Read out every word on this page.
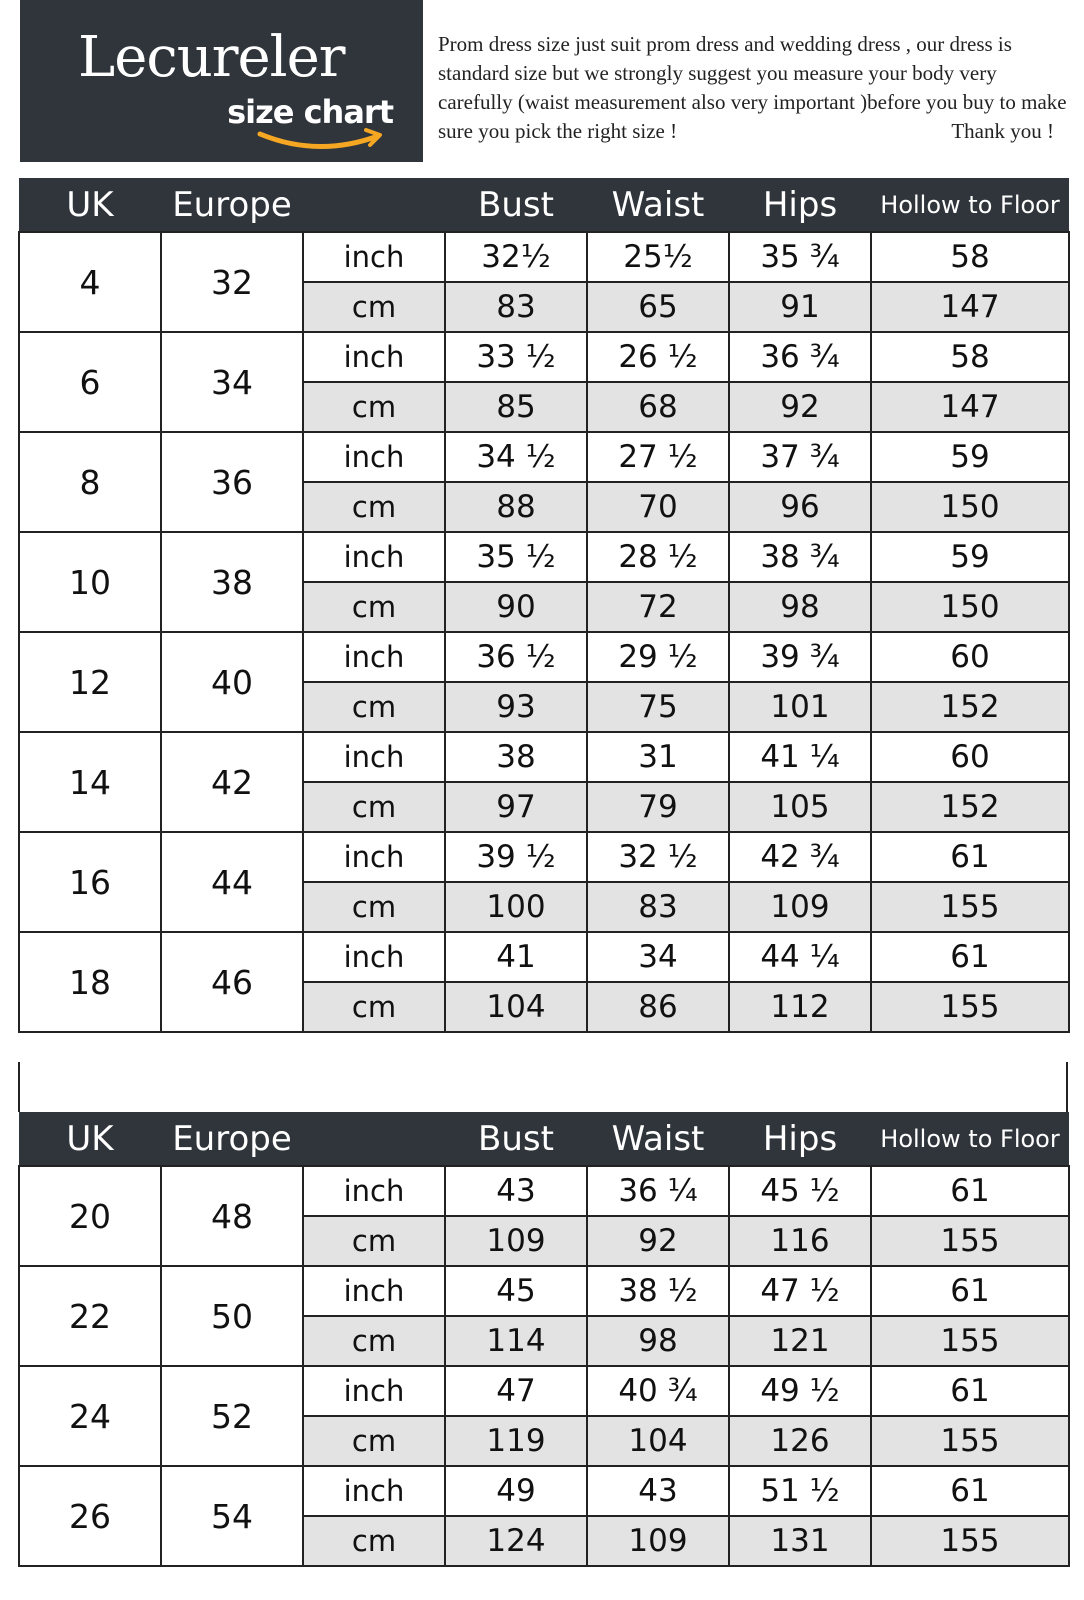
Lecureler
size chart
Prom dress size just suit prom dress and wedding dress , our dress is standard size but we strongly suggest you measure your body very carefully (waist measurement also very important )before you buy to make sure you pick the right size !	Thank you !
UK	Europe		Bust	Waist	Hips	Hollow to Floor
4	32	inch	32½	25½	35 ¾	58
		cm	83	65	91	147
6	34	inch	33 ½	26 ½	36 ¾	58
		cm	85	68	92	147
8	36	inch	34 ½	27 ½	37 ¾	59
		cm	88	70	96	150
10	38	inch	35 ½	28 ½	38 ¾	59
		cm	90	72	98	150
12	40	inch	36 ½	29 ½	39 ¾	60
		cm	93	75	101	152
14	42	inch	38	31	41 ¼	60
		cm	97	79	105	152
16	44	inch	39 ½	32 ½	42 ¾	61
		cm	100	83	109	155
18	46	inch	41	34	44 ¼	61
		cm	104	86	112	155
UK	Europe		Bust	Waist	Hips	Hollow to Floor
20	48	inch	43	36 ¼	45 ½	61
		cm	109	92	116	155
22	50	inch	45	38 ½	47 ½	61
		cm	114	98	121	155
24	52	inch	47	40 ¾	49 ½	61
		cm	119	104	126	155
26	54	inch	49	43	51 ½	61
		cm	124	109	131	155
